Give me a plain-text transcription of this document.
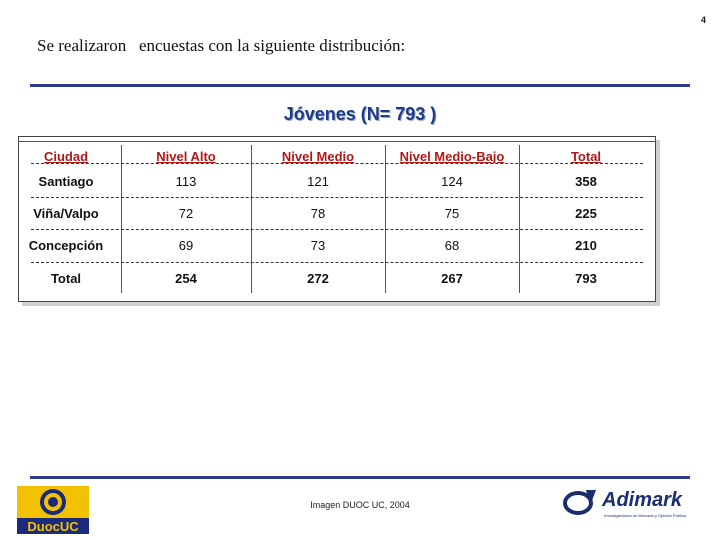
4
Se realizaron   encuestas con la siguiente distribución:
Jóvenes (N= 793 )
Ciudad	Nivel Alto	Nivel Medio	Nivel Medio-Bajo	Total
Santiago	113	121	124	358
Viña/Valpo	72	78	75	225
Concepción	69	73	68	210
Total	254	272	267	793
DuocUC
Imagen DUOC UC, 2004	Adimark
Investigaciones de Mercado y Opinión Pública
